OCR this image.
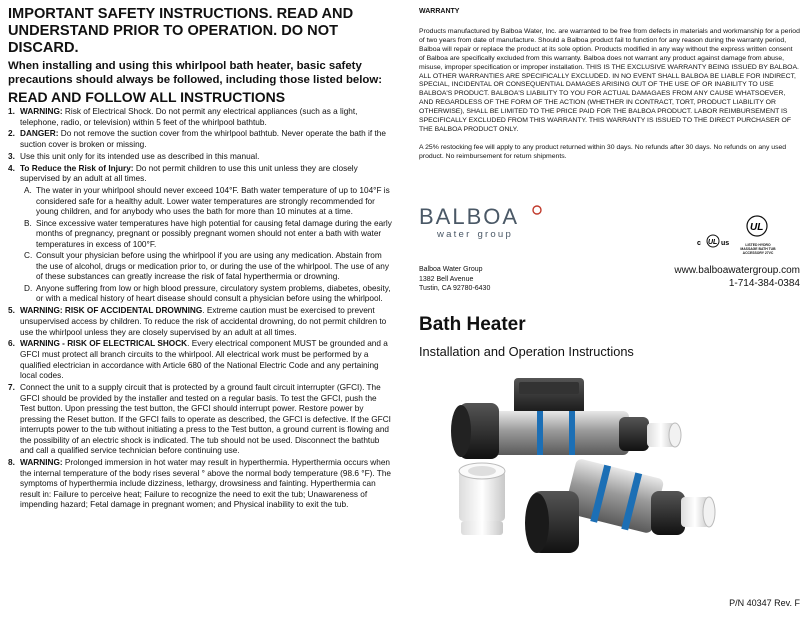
IMPORTANT SAFETY INSTRUCTIONS. READ AND

UNDERSTAND PRIOR TO OPERATION. DO NOT DISCARD.

When installing and using this whirlpool bath heater, basic safety

precautions should always be followed, including those listed below:

READ AND FOLLOW ALL INSTRUCTIONS

1. WARNING: Risk of Electrical Shock. Do not permit any electrical appliances (such as a light, telephone, radio, or television) within 5 feet of the whirlpool bathtub.
2. DANGER: Do not remove the suction cover from the whirlpool bathtub. Never operate the bath if the suction cover is broken or missing.
3. Use this unit only for its intended use as described in this manual.
4. To Reduce the Risk of Injury: Do not permit children to use this unit unless they are closely supervised by an adult at all times.
A. The water in your whirlpool should never exceed 104°F. Bath water temperature of up to 104°F is considered safe for a healthy adult. Lower water temperatures are strongly recommended for young children, and for anybody who uses the bath for more than 10 minutes at a time.
B. Since excessive water temperatures have high potential for causing fetal damage during the early months of pregnancy, pregnant or possibly pregnant women should not enter a bath with water temperatures in excess of 100°F.
C. Consult your physician before using the whirlpool if you are using any medication. Abstain from the use of alcohol, drugs or medication prior to, or during the use of the whirlpool. The use of any of these substances can greatly increase the risk of fatal hyperthermia or drowning.
D. Anyone suffering from low or high blood pressure, circulatory system problems, diabetes, obesity, or with a medical history of heart disease should consult a physician before using the whirlpool.
5. WARNING: RISK OF ACCIDENTAL DROWNING. Extreme caution must be exercised to prevent unsupervised access by children. To reduce the risk of accidental drowning, do not permit children to use the whirlpool unless they are closely supervised by an adult at all times.
6. WARNING - RISK OF ELECTRICAL SHOCK. Every electrical component MUST be grounded and a GFCI must protect all branch circuits to the whirlpool. All electrical work must be performed by a qualified electrician in accordance with Article 680 of the National Electric Code and any pertaining local codes.
7. Connect the unit to a supply circuit that is protected by a ground fault circuit interrupter (GFCI). The GFCI should be provided by the installer and tested on a regular basis. To test the GFCI, push the Test button. Upon pressing the test button, the GFCI should interrupt power. Restore power by pressing the Reset button. If the GFCI fails to operate as described, the GFCI is defective. If the GFCI interrupts power to the tub without initiating a press to the Test button, a ground current is flowing and the possibility of an electric shock is indicated. The tub should not be used. Disconnect the bathtub and call a qualified service technician before continuing use.
8. WARNING: Prolonged immersion in hot water may result in hyperthermia. Hyperthermia occurs when the internal temperature of the body rises several ° above the normal body temperature (98.6 °F). The symptoms of hyperthermia include dizziness, lethargy, drowsiness and fainting. Hyperthermia can result in: Failure to perceive heat; Failure to recognize the need to exit the tub; Unawareness of impending hazard; Fetal damage in pregnant women; and Physical inability to exit the tub.

WARRANTY

Products manufactured by Balboa Water, Inc. are warranted to be free from defects in materials and workmanship for a period of two years from date of manufacture. Should a Balboa product fail to function for any reason during the warranty period, Balboa will repair or replace the product at its sole option. Products modified in any way without the express written consent of Balboa are specifically excluded from this warranty. Balboa does not warrant any product against damage from abuse, misuse, improper specification or improper installation. THIS IS THE EXCLUSIVE WARRANTY BEING ISSUED BY BALBOA. ALL OTHER WARRANTIES ARE SPECIFICALLY EXCLUDED. IN NO EVENT SHALL BALBOA BE LIABLE FOR INDIRECT, SPECIAL, INCIDENTAL OR CONSEQUENTIAL DAMAGES ARISING OUT OF THE USE OF OR INABILITY TO USE BALBOA'S PRODUCT. BALBOA'S LIABILITY TO YOU FOR ACTUAL DAMAGAES FROM ANY CAUSE WHATSOEVER, AND REGARDLESS OF THE FORM OF THE ACTION (WHETHER IN CONTRACT, TORT, PRODUCT LIABILITY OR OTHERWISE), SHALL BE LIMITED TO THE PRICE PAID FOR THE BALBOA PRODUCT. LABOR REIMBURSEMENT IS SPECIFICALLY EXCLUDED FROM THIS WARRANTY. THIS WARRANTY IS ISSUED TO THE DIRECT PURCHASER OF THE BALBOA PRODUCT ONLY.

A 25% restocking fee will apply to any product returned within 30 days. No refunds after 30 days. No refunds on any used product. No reimbursement for return shipments.

BALBOA
water group
c UL us
UL
LISTED HYDRO MASSAGE BATH TUB ACCESSORY 27VC
Balboa Water Group
1382 Bell Avenue
Tustin, CA 92780-6430
www.balboawatergroup.com
1-714-384-0384
Bath Heater

Installation and Operation Instructions

P/N 40347 Rev. F
